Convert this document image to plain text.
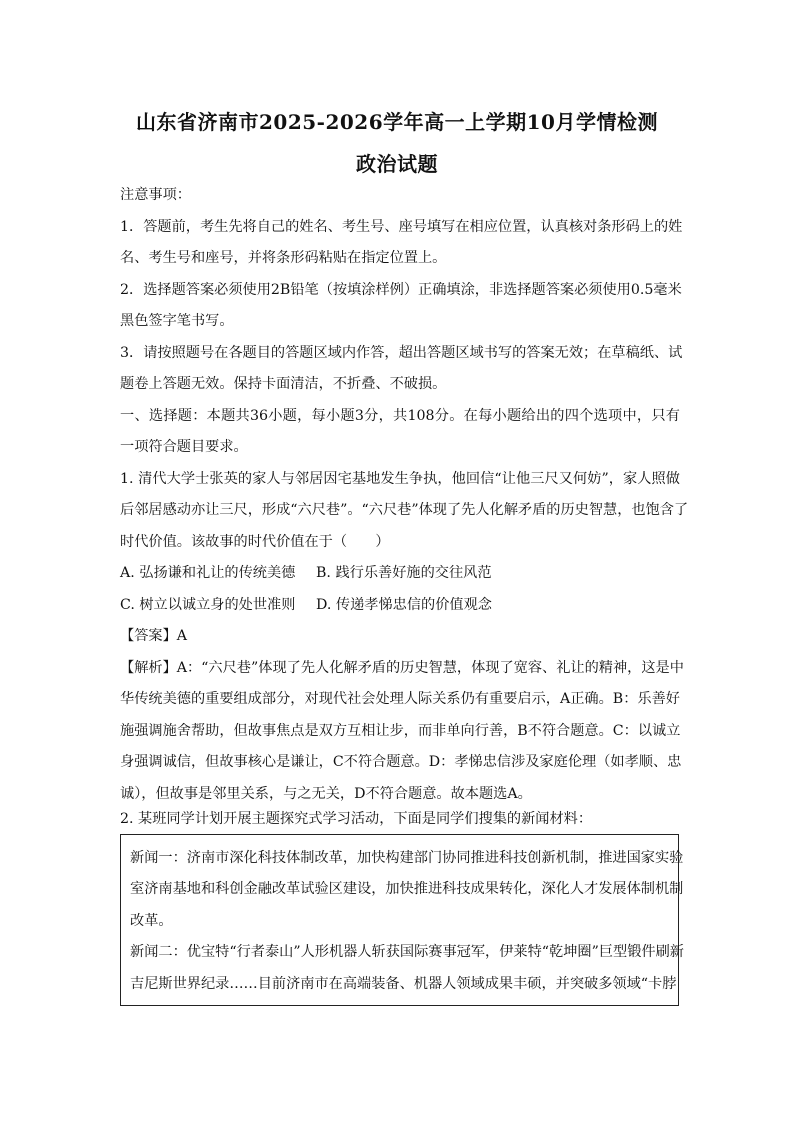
山东省济南市2025-2026学年高一上学期10月学情检测
政治试题
注意事项：
1．答题前，考生先将自己的姓名、考生号、座号填写在相应位置，认真核对条形码上的姓
名、考生号和座号，并将条形码粘贴在指定位置上。
2．选择题答案必须使用2B铅笔（按填涂样例）正确填涂，非选择题答案必须使用0.5毫米
黑色签字笔书写。
3．请按照题号在各题目的答题区域内作答，超出答题区域书写的答案无效；在草稿纸、试
题卷上答题无效。保持卡面清洁，不折叠、不破损。
一、选择题：本题共36小题，每小题3分，共108分。在每小题给出的四个选项中，只有
一项符合题目要求。
1. 清代大学士张英的家人与邻居因宅基地发生争执，他回信“让他三尺又何妨”，家人照做
后邻居感动亦让三尺，形成“六尺巷”。“六尺巷”体现了先人化解矛盾的历史智慧，也饱含了
时代价值。该故事的时代价值在于（　　）
A. 弘扬谦和礼让的传统美德 B. 践行乐善好施的交往风范
C. 树立以诚立身的处世准则 D. 传递孝悌忠信的价值观念
【答案】A
【解析】A：“六尺巷”体现了先人化解矛盾的历史智慧，体现了宽容、礼让的精神，这是中
华传统美德的重要组成部分，对现代社会处理人际关系仍有重要启示，A正确。B：乐善好
施强调施舍帮助，但故事焦点是双方互相让步，而非单向行善，B不符合题意。C：以诚立
身强调诚信，但故事核心是谦让，C不符合题意。D：孝悌忠信涉及家庭伦理（如孝顺、忠
诚），但故事是邻里关系，与之无关，D不符合题意。故本题选A。
2. 某班同学计划开展主题探究式学习活动，下面是同学们搜集的新闻材料：
新闻一：济南市深化科技体制改革，加快构建部门协同推进科技创新机制，推进国家实验
室济南基地和科创金融改革试验区建设，加快推进科技成果转化，深化人才发展体制机制
改革。
新闻二：优宝特“行者泰山”人形机器人斩获国际赛事冠军，伊莱特“乾坤圈”巨型锻件刷新
吉尼斯世界纪录……目前济南市在高端装备、机器人领域成果丰硕，并突破多领域“卡脖
